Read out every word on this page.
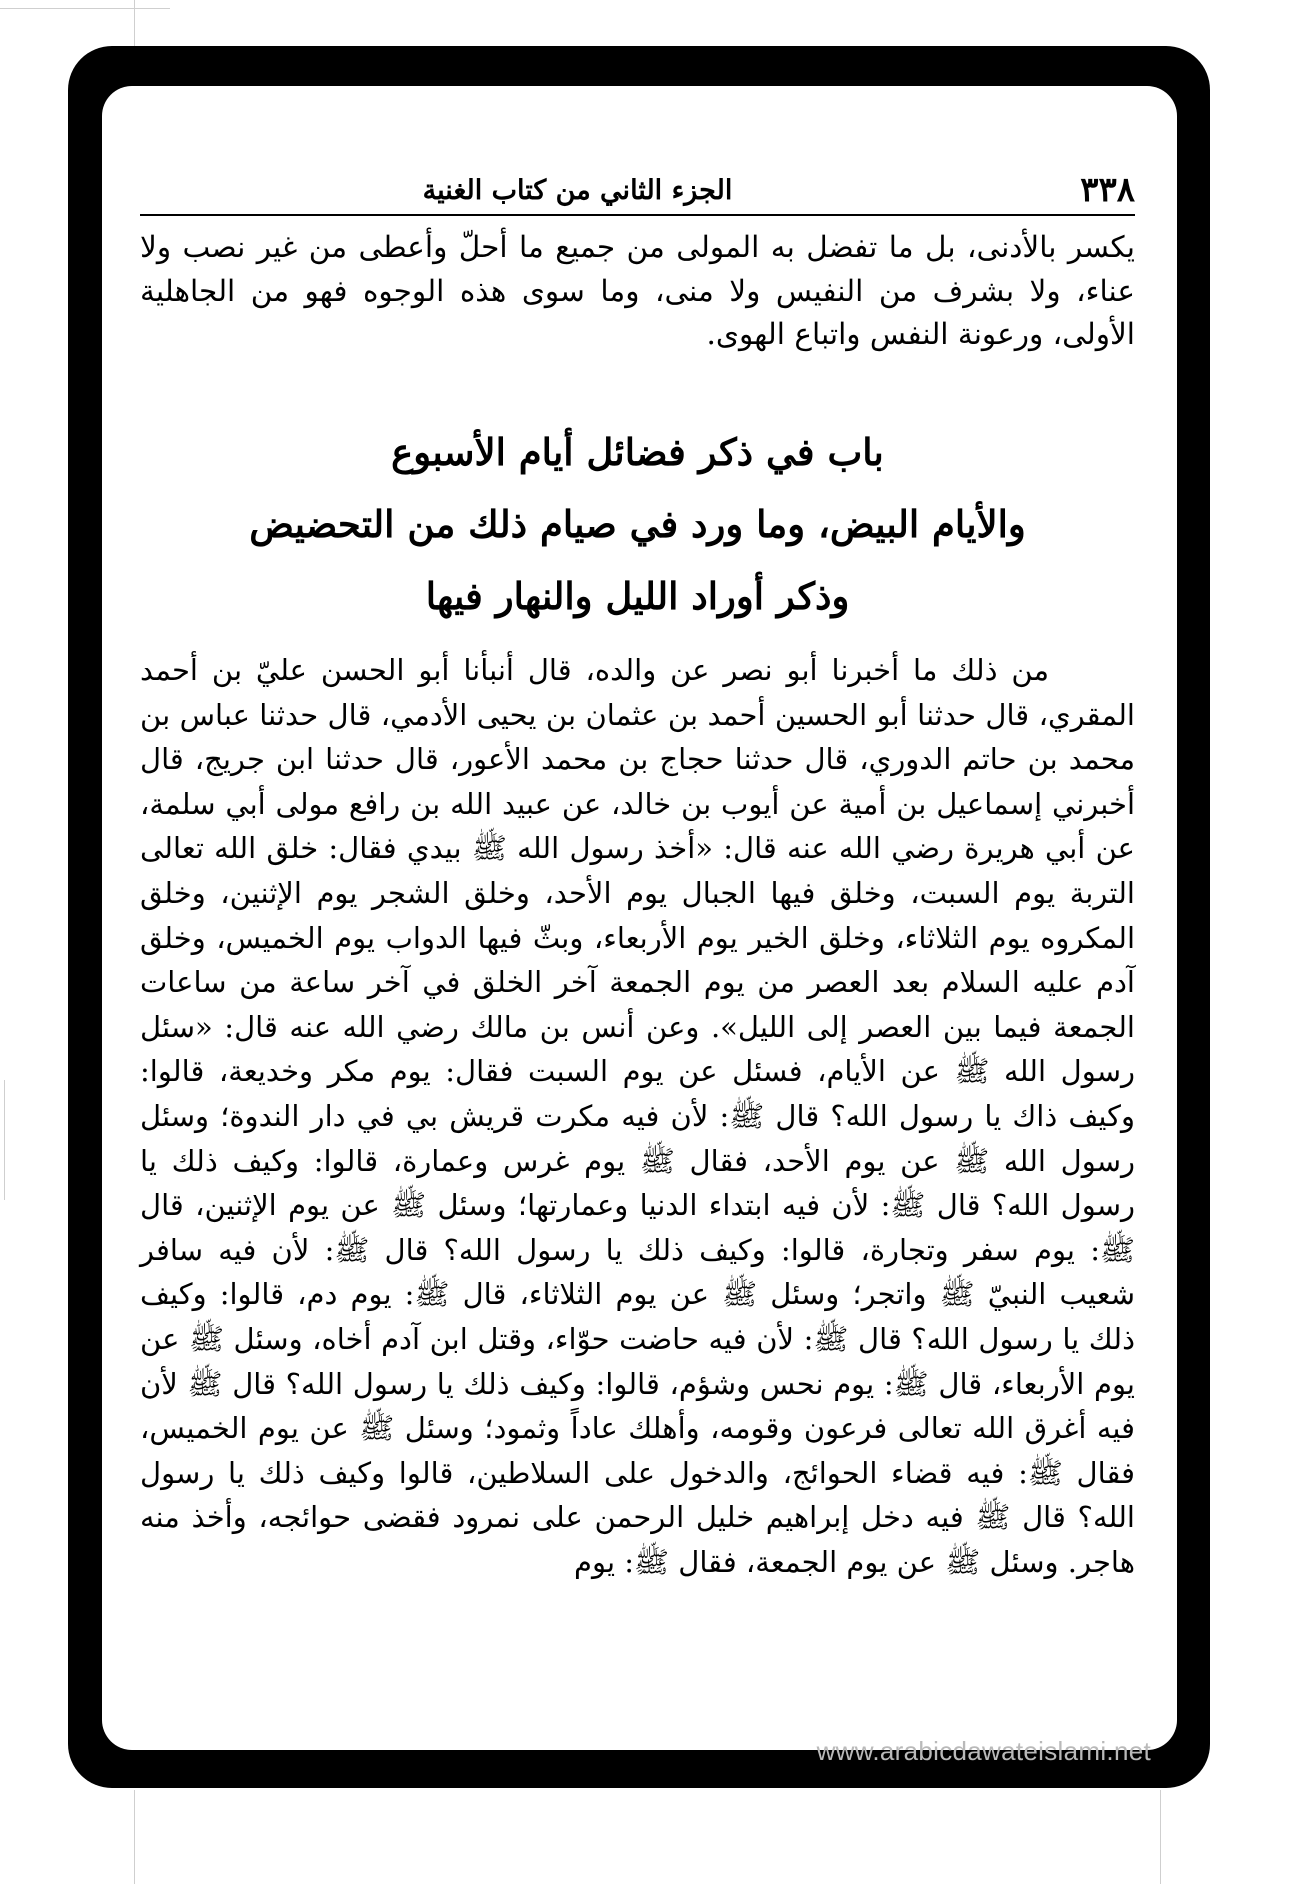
٣٣٨
الجزء الثاني من كتاب الغنية
يكسر بالأدنى، بل ما تفضل به المولى من جميع ما أحلّ وأعطى من غير نصب ولا عناء، ولا بشرف من النفيس ولا منى، وما سوى هذه الوجوه فهو من الجاهلية الأولى، ورعونة النفس واتباع الهوى.
باب في ذكر فضائل أيام الأسبوع
والأيام البيض، وما ورد في صيام ذلك من التحضيض
وذكر أوراد الليل والنهار فيها

من ذلك ما أخبرنا أبو نصر عن والده، قال أنبأنا أبو الحسن عليّ بن أحمد المقري، قال حدثنا أبو الحسين أحمد بن عثمان بن يحيى الأدمي، قال حدثنا عباس بن محمد بن حاتم الدوري، قال حدثنا حجاج بن محمد الأعور، قال حدثنا ابن جريج، قال أخبرني إسماعيل بن أمية عن أيوب بن خالد، عن عبيد الله بن رافع مولى أبي سلمة، عن أبي هريرة رضي الله عنه قال: «أخذ رسول الله ﷺ بيدي فقال: خلق الله تعالى التربة يوم السبت، وخلق فيها الجبال يوم الأحد، وخلق الشجر يوم الإثنين، وخلق المكروه يوم الثلاثاء، وخلق الخير يوم الأربعاء، وبثّ فيها الدواب يوم الخميس، وخلق آدم عليه السلام بعد العصر من يوم الجمعة آخر الخلق في آخر ساعة من ساعات الجمعة فيما بين العصر إلى الليل». وعن أنس بن مالك رضي الله عنه قال: «سئل رسول الله ﷺ عن الأيام، فسئل عن يوم السبت فقال: يوم مكر وخديعة، قالوا: وكيف ذاك يا رسول الله؟ قال ﷺ: لأن فيه مكرت قريش بي في دار الندوة؛ وسئل رسول الله ﷺ عن يوم الأحد، فقال ﷺ يوم غرس وعمارة، قالوا: وكيف ذلك يا رسول الله؟ قال ﷺ: لأن فيه ابتداء الدنيا وعمارتها؛ وسئل ﷺ عن يوم الإثنين، قال ﷺ: يوم سفر وتجارة، قالوا: وكيف ذلك يا رسول الله؟ قال ﷺ: لأن فيه سافر شعيب النبيّ ﷺ واتجر؛ وسئل ﷺ عن يوم الثلاثاء، قال ﷺ: يوم دم، قالوا: وكيف ذلك يا رسول الله؟ قال ﷺ: لأن فيه حاضت حوّاء، وقتل ابن آدم أخاه، وسئل ﷺ عن يوم الأربعاء، قال ﷺ: يوم نحس وشؤم، قالوا: وكيف ذلك يا رسول الله؟ قال ﷺ لأن فيه أغرق الله تعالى فرعون وقومه، وأهلك عاداً وثمود؛ وسئل ﷺ عن يوم الخميس، فقال ﷺ: فيه قضاء الحوائج، والدخول على السلاطين، قالوا وكيف ذلك يا رسول الله؟ قال ﷺ فيه دخل إبراهيم خليل الرحمن على نمرود فقضى حوائجه، وأخذ منه هاجر. وسئل ﷺ عن يوم الجمعة، فقال ﷺ: يوم

www.arabicdawateislami.net
